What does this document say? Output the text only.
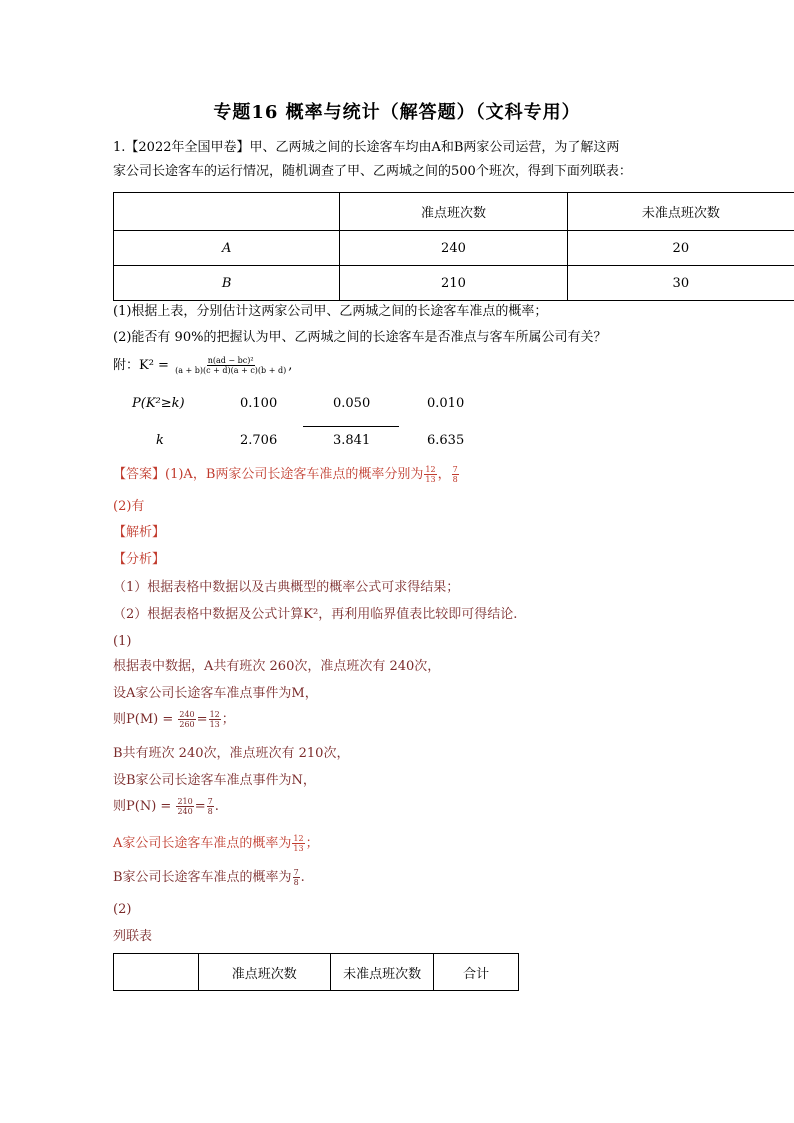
专题16 概率与统计（解答题）（文科专用）
1.【2022年全国甲卷】甲、乙两城之间的长途客车均由A和B两家公司运营，为了解这两
家公司长途客车的运行情况，随机调查了甲、乙两城之间的500个班次，得到下面列联表：
	准点班次数	未准点班次数
A	240	20
B	210	30
(1)根据上表，分别估计这两家公司甲、乙两城之间的长途客车准点的概率；
(2)能否有 90%的把握认为甲、乙两城之间的长途客车是否准点与客车所属公司有关？
附：$K^2 = \frac{\text{n(ad − bc)²}}{(a + b)(c + d)(a + c)(b + d)}$ ,
P(K²≥k)	0.100	0.050	0.010
k	2.706	3.841	6.635
【答案】(1)A，B两家公司长途客车准点的概率分别为 $\frac{12}{13}$ ， $\frac{7}{8}$
(2)有
【解析】
【分析】
（1）根据表格中数据以及古典概型的概率公式可求得结果；
（2）根据表格中数据及公式计算K²，再利用临界值表比较即可得结论.
(1)
根据表中数据，A共有班次 260次，准点班次有 240次，
设A家公司长途客车准点事件为M，
则$P(M) = \frac{240}{260} = \frac{12}{13}$ ；
B共有班次 240次，准点班次有 210次，
设B家公司长途客车准点事件为N，
则$P(N) = \frac{210}{240} = \frac{7}{8}$ .
A家公司长途客车准点的概率为 $\frac{12}{13}$ ；
B家公司长途客车准点的概率为 $\frac{7}{8}$ .
(2)
列联表
	准点班次数	未准点班次数	合计
